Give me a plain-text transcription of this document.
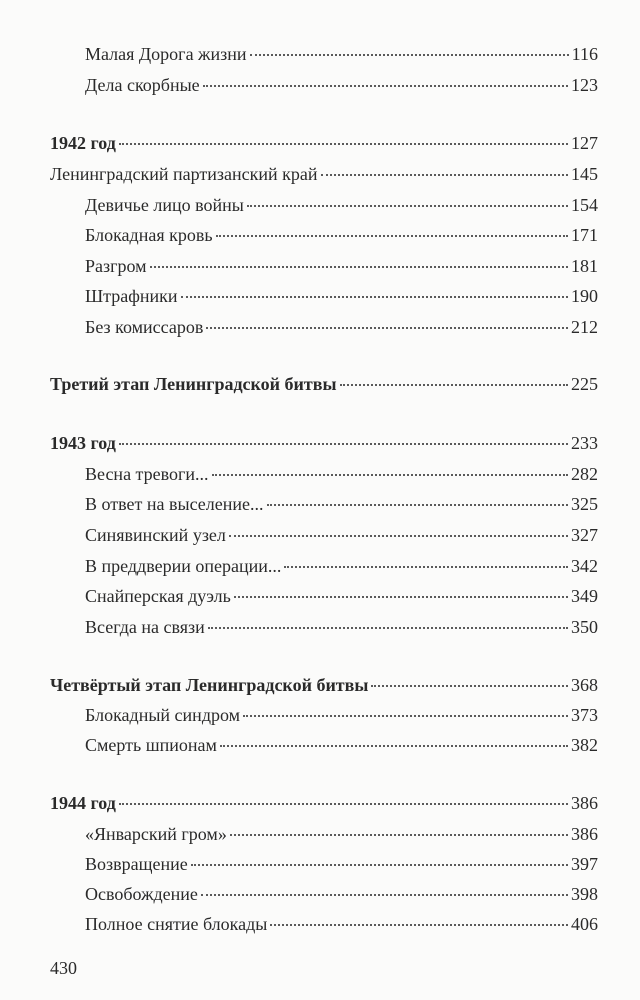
Малая Дорога жизни	116
Дела скорбные	123
1942 год	127
Ленинградский партизанский край	145
Девичье лицо войны	154
Блокадная кровь	171
Разгром	181
Штрафники	190
Без комиссаров	212
Третий этап Ленинградской битвы	225
1943 год	233
Весна тревоги...	282
В ответ на выселение...	325
Синявинский узел	327
В преддверии операции...	342
Снайперская дуэль	349
Всегда на связи	350
Четвёртый этап Ленинградской битвы	368
Блокадный синдром	373
Смерть шпионам	382
1944 год	386
«Январский гром»	386
Возвращение	397
Освобождение	398
Полное снятие блокады	406
430
